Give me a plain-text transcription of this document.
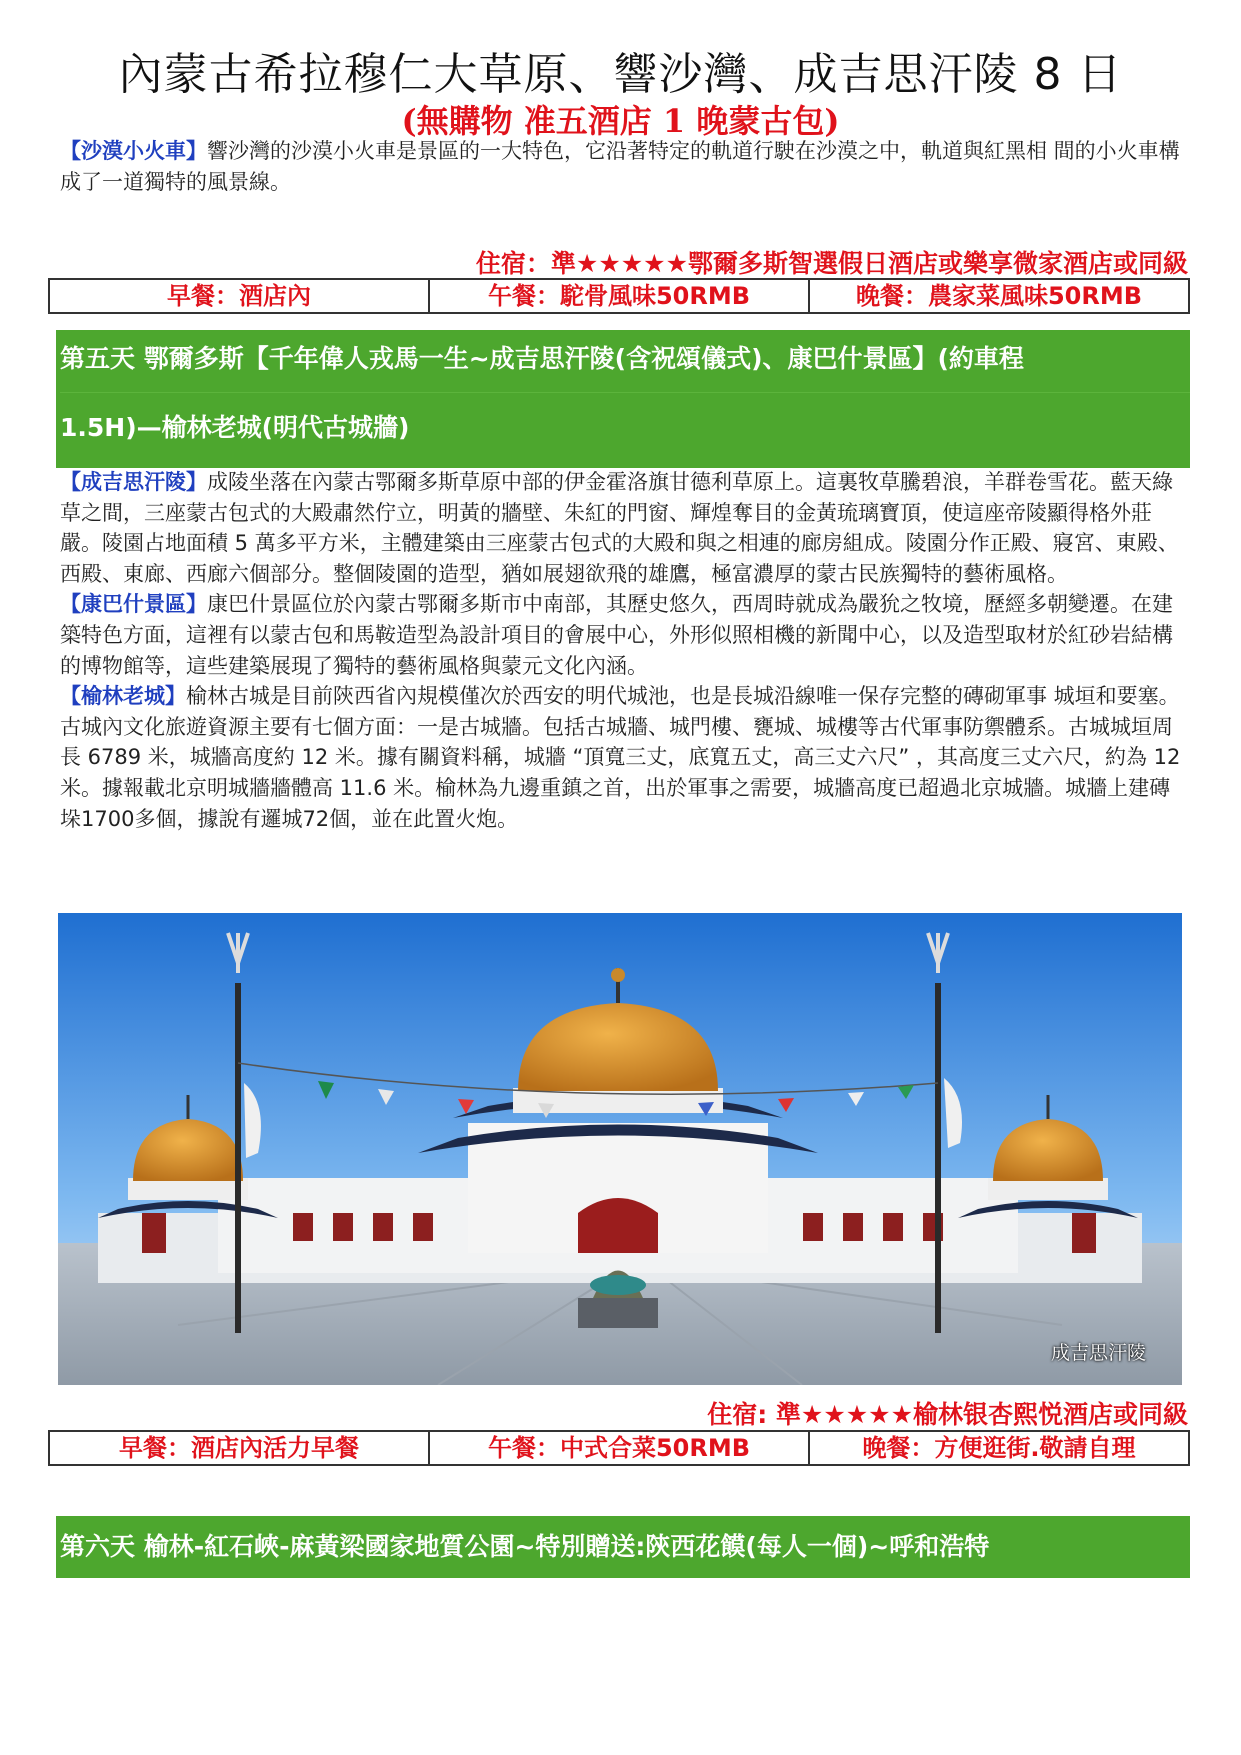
內蒙古希拉穆仁大草原、響沙灣、成吉思汗陵 8 日
(無購物 准五酒店 1 晚蒙古包)
【沙漠小火車】響沙灣的沙漠小火車是景區的一大特色，它沿著特定的軌道行駛在沙漠之中，軌道與紅黑相 間的小火車構成了一道獨特的風景線。
住宿：準★★★★★鄂爾多斯智選假日酒店或樂享微家酒店或同級
早餐：酒店內	午餐：駝骨風味50RMB	晚餐：農家菜風味50RMB
第五天 鄂爾多斯【千年偉人戎馬一生~成吉思汗陵(含祝頌儀式)、康巴什景區】(約車程
1.5H)—榆林老城(明代古城牆)
【成吉思汗陵】成陵坐落在內蒙古鄂爾多斯草原中部的伊金霍洛旗甘德利草原上。這裏牧草騰碧浪，羊群卷雪花。藍天綠草之間，三座蒙古包式的大殿肅然佇立，明黃的牆壁、朱紅的門窗、輝煌奪目的金黃琉璃寶頂，使這座帝陵顯得格外莊嚴。陵園占地面積 5 萬多平方米，主體建築由三座蒙古包式的大殿和與之相連的廊房組成。陵園分作正殿、寢宮、東殿、西殿、東廊、西廊六個部分。整個陵園的造型，猶如展翅欲飛的雄鷹，極富濃厚的蒙古民族獨特的藝術風格。
【康巴什景區】康巴什景區位於內蒙古鄂爾多斯市中南部，其歷史悠久，西周時就成為嚴狁之牧境，歷經多朝變遷。在建築特色方面，這裡有以蒙古包和馬鞍造型為設計項目的會展中心，外形似照相機的新聞中心，以及造型取材於紅砂岩結構的博物館等，這些建築展現了獨特的藝術風格與蒙元文化內涵。
【榆林老城】榆林古城是目前陝西省內規模僅次於西安的明代城池，也是長城沿線唯一保存完整的磚砌軍事 城垣和要塞。古城內文化旅遊資源主要有七個方面：一是古城牆。包括古城牆、城門樓、甕城、城樓等古代軍事防禦體系。古城城垣周長 6789 米，城牆高度約 12 米。據有關資料稱，城牆 “頂寬三丈，底寬五丈，高三丈六尺” ，其高度三丈六尺，約為 12 米。據報載北京明城牆牆體高 11.6 米。榆林為九邊重鎮之首，出於軍事之需要，城牆高度已超過北京城牆。城牆上建磚垛1700多個，據說有邏城72個，並在此置火炮。
成吉思汗陵
住宿: 準★★★★★榆林银杏熙悦酒店或同級
早餐：酒店內活力早餐	午餐：中式合菜50RMB	晚餐：方便逛街.敬請自理
第六天 榆林-紅石峽-麻黃梁國家地質公園~特別贈送:陝西花饃(每人一個)~呼和浩特
